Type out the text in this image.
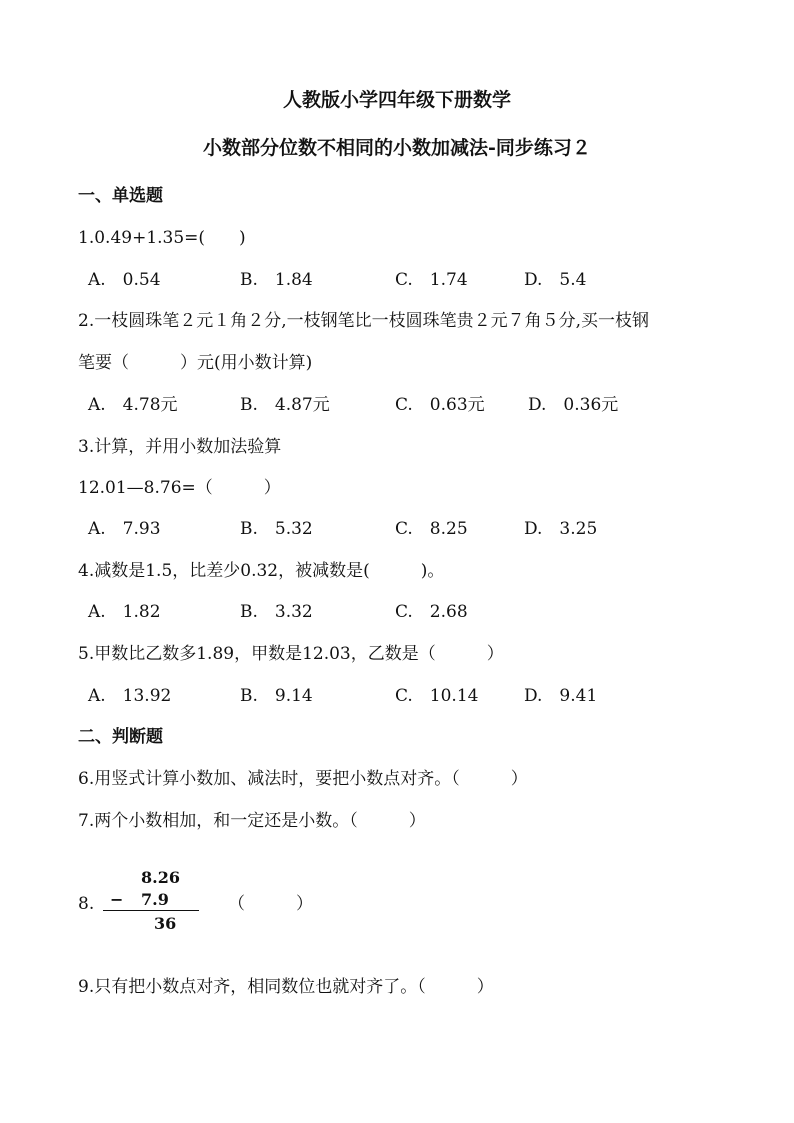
人教版小学四年级下册数学
小数部分位数不相同的小数加减法-同步练习２
一、单选题
1.0.49+1.35=(　　)
A.　0.54	B.　1.84	C.　1.74	D.　5.4
2.一枝圆珠笔２元１角２分,一枝钢笔比一枝圆珠笔贵２元７角５分,买一枝钢
笔要（　　　）元(用小数计算)
A.　4.78元	B.　4.87元	C.　0.63元	D.　0.36元
3.计算，并用小数加法验算
12.01—8.76=（　　　）
A.　7.93	B.　5.32	C.　8.25	D.　3.25
4.减数是1.5，比差少0.32，被减数是(　　　)。
A.　1.82	B.　3.32	C.　2.68
5.甲数比乙数多1.89，甲数是12.03，乙数是（　　　）
A.　13.92	B.　9.14	C.　10.14	D.　9.41
二、判断题
6.用竖式计算小数加、减法时，要把小数点对齐。（　　　）
7.两个小数相加，和一定还是小数。（　　　）
8.
8.26
− 7.9
36
（　　　）
9.只有把小数点对齐，相同数位也就对齐了。（　　　）
